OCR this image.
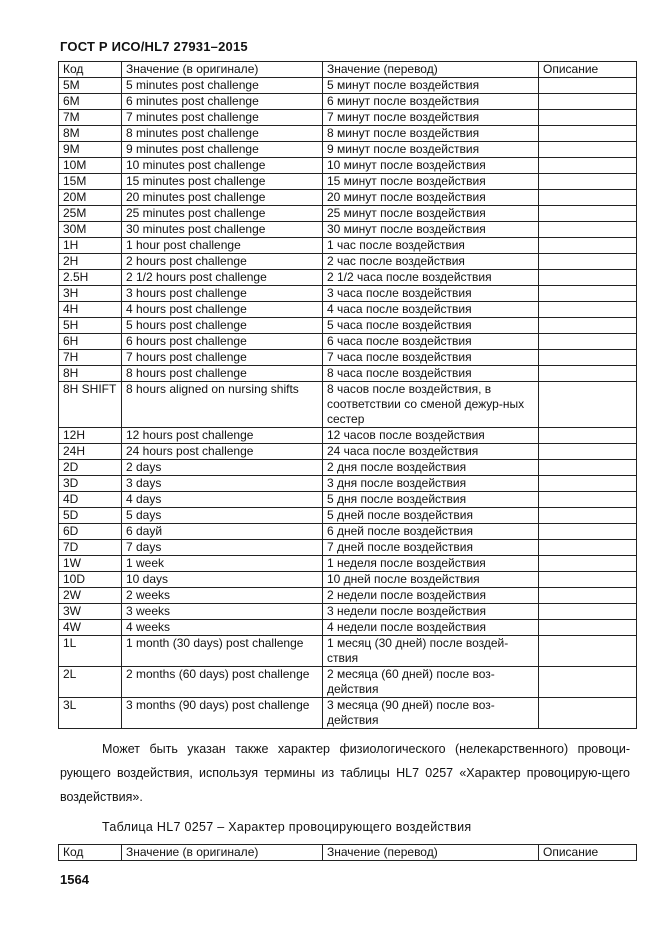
ГОСТ Р ИСО/HL7 27931–2015
Код	Значение (в оригинале)	Значение (перевод)	Описание
5M	5 minutes post challenge	5 минут после воздействия	
6M	6 minutes post challenge	6 минут после воздействия	
7M	7 minutes post challenge	7 минут после воздействия	
8M	8 minutes post challenge	8 минут после воздействия	
9M	9 minutes post challenge	9 минут после воздействия	
10M	10 minutes post challenge	10 минут после воздействия	
15M	15 minutes post challenge	15 минут после воздействия	
20M	20 minutes post challenge	20 минут после воздействия	
25M	25 minutes post challenge	25 минут после воздействия	
30M	30 minutes post challenge	30 минут после воздействия	
1H	1 hour post challenge	1 час после воздействия	
2H	2 hours post challenge	2 час после воздействия	
2.5H	2 1/2 hours post challenge	2 1/2 часа после воздействия	
3H	3 hours post challenge	3 часа после воздействия	
4H	4 hours post challenge	4 часа после воздействия	
5H	5 hours post challenge	5 часа после воздействия	
6H	6 hours post challenge	6 часа после воздействия	
7H	7 hours post challenge	7 часа после воздействия	
8H	8 hours post challenge	8 часа после воздействия	
8H SHIFT	8 hours aligned on nursing shifts	8 часов после воздействия, в соответствии со сменой дежур-ных сестер	
12H	12 hours post challenge	12 часов после воздействия	
24H	24 hours post challenge	24 часа после воздействия	
2D	2 days	2 дня после воздействия	
3D	3 days	3 дня после воздействия	
4D	4 days	5 дня после воздействия	
5D	5 days	5 дней после воздействия	
6D	6 dayй	6 дней после воздействия	
7D	7 days	7 дней после воздействия	
1W	1 week	1 неделя после воздействия	
10D	10 days	10 дней после воздействия	
2W	2 weeks	2 недели после воздействия	
3W	3 weeks	3 недели после воздействия	
4W	4 weeks	4 недели после воздействия	
1L	1 month (30 days) post challenge	1 месяц (30 дней) после воздей-ствия	
2L	2 months (60 days) post challenge	2 месяца (60 дней) после воз-действия	
3L	3 months (90 days) post challenge	3 месяца (90 дней) после воз-действия	
Может быть указан также характер физиологического (нелекарственного) провоци-рующего воздействия, используя термины из таблицы HL7 0257 «Характер провоцирую-щего воздействия».
Таблица HL7 0257 – Характер провоцирующего воздействия
Код	Значение (в оригинале)	Значение (перевод)	Описание
1564
